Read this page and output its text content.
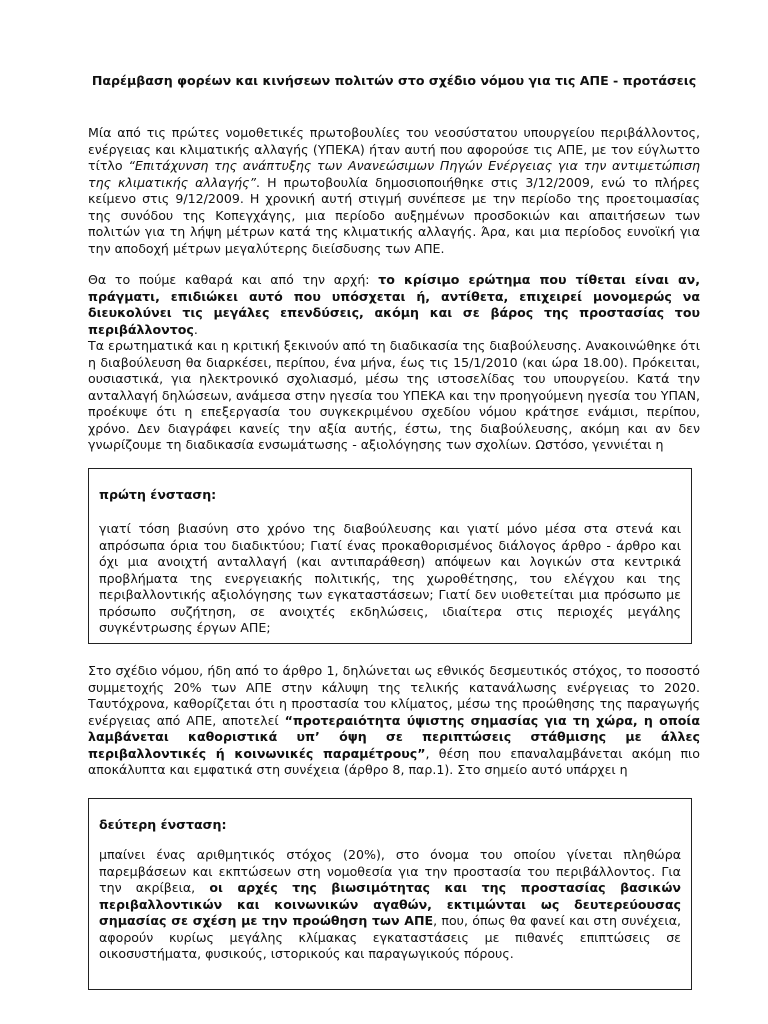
Παρέμβαση φορέων και κινήσεων πολιτών στο σχέδιο νόμου για τις ΑΠΕ - προτάσεις

Μία από τις πρώτες νομοθετικές πρωτοβουλίες του νεοσύστατου υπουργείου περιβάλλοντος, ενέργειας και κλιματικής αλλαγής (ΥΠΕΚΑ) ήταν αυτή που αφορούσε τις ΑΠΕ, με τον εύγλωττο τίτλο “Επιτάχυνση της ανάπτυξης των Ανανεώσιμων Πηγών Ενέργειας για την αντιμετώπιση της κλιματικής αλλαγής”. Η πρωτοβουλία δημοσιοποιήθηκε στις 3/12/2009, ενώ το πλήρες κείμενο στις 9/12/2009. Η χρονική αυτή στιγμή συνέπεσε με την περίοδο της προετοιμασίας της συνόδου της Κοπεγχάγης, μια περίοδο αυξημένων προσδοκιών και απαιτήσεων των πολιτών για τη λήψη μέτρων κατά της κλιματικής αλλαγής. Άρα, και μια περίοδος ευνοϊκή για την αποδοχή μέτρων μεγαλύτερης διείσδυσης των ΑΠΕ.

Θα το πούμε καθαρά και από την αρχή: το κρίσιμο ερώτημα που τίθεται είναι αν, πράγματι, επιδιώκει αυτό που υπόσχεται ή, αντίθετα, επιχειρεί μονομερώς να διευκολύνει τις μεγάλες επενδύσεις, ακόμη και σε βάρος της προστασίας του περιβάλλοντος.

Τα ερωτηματικά και η κριτική ξεκινούν από τη διαδικασία της διαβούλευσης. Ανακοινώθηκε ότι η διαβούλευση θα διαρκέσει, περίπου, ένα μήνα, έως τις 15/1/2010 (και ώρα 18.00). Πρόκειται, ουσιαστικά, για ηλεκτρονικό σχολιασμό, μέσω της ιστοσελίδας του υπουργείου. Κατά την ανταλλαγή δηλώσεων, ανάμεσα στην ηγεσία του ΥΠΕΚΑ και την προηγούμενη ηγεσία του ΥΠΑΝ, προέκυψε ότι η επεξεργασία του συγκεκριμένου σχεδίου νόμου κράτησε ενάμισι, περίπου, χρόνο. Δεν διαγράφει κανείς την αξία αυτής, έστω, της διαβούλευσης, ακόμη και αν δεν γνωρίζουμε τη διαδικασία ενσωμάτωσης - αξιολόγησης των σχολίων. Ωστόσο, γεννιέται η

πρώτη ένσταση:

γιατί τόση βιασύνη στο χρόνο της διαβούλευσης και γιατί μόνο μέσα στα στενά και απρόσωπα όρια του διαδικτύου; Γιατί ένας προκαθορισμένος διάλογος άρθρο - άρθρο και όχι μια ανοιχτή ανταλλαγή (και αντιπαράθεση) απόψεων και λογικών στα κεντρικά προβλήματα της ενεργειακής πολιτικής, της χωροθέτησης, του ελέγχου και της περιβαλλοντικής αξιολόγησης των εγκαταστάσεων; Γιατί δεν υιοθετείται μια πρόσωπο με πρόσωπο συζήτηση, σε ανοιχτές εκδηλώσεις, ιδιαίτερα στις περιοχές μεγάλης συγκέντρωσης έργων ΑΠΕ;

Στο σχέδιο νόμου, ήδη από το άρθρο 1, δηλώνεται ως εθνικός δεσμευτικός στόχος, το ποσοστό συμμετοχής 20% των ΑΠΕ στην κάλυψη της τελικής κατανάλωσης ενέργειας το 2020. Ταυτόχρονα, καθορίζεται ότι η προστασία του κλίματος, μέσω της προώθησης της παραγωγής ενέργειας από ΑΠΕ, αποτελεί “προτεραιότητα ύψιστης σημασίας για τη χώρα, η οποία λαμβάνεται καθοριστικά υπ’ όψη σε περιπτώσεις στάθμισης με άλλες περιβαλλοντικές ή κοινωνικές παραμέτρους”, θέση που επαναλαμβάνεται ακόμη πιο αποκάλυπτα και εμφατικά στη συνέχεια (άρθρο 8, παρ.1). Στο σημείο αυτό υπάρχει η

δεύτερη ένσταση:

μπαίνει ένας αριθμητικός στόχος (20%), στο όνομα του οποίου γίνεται πληθώρα παρεμβάσεων και εκπτώσεων στη νομοθεσία για την προστασία του περιβάλλοντος. Για την ακρίβεια, οι αρχές της βιωσιμότητας και της προστασίας βασικών περιβαλλοντικών και κοινωνικών αγαθών, εκτιμώνται ως δευτερεύουσας σημασίας σε σχέση με την προώθηση των ΑΠΕ, που, όπως θα φανεί και στη συνέχεια, αφορούν κυρίως μεγάλης κλίμακας εγκαταστάσεις με πιθανές επιπτώσεις σε οικοσυστήματα, φυσικούς, ιστορικούς και παραγωγικούς πόρους.
